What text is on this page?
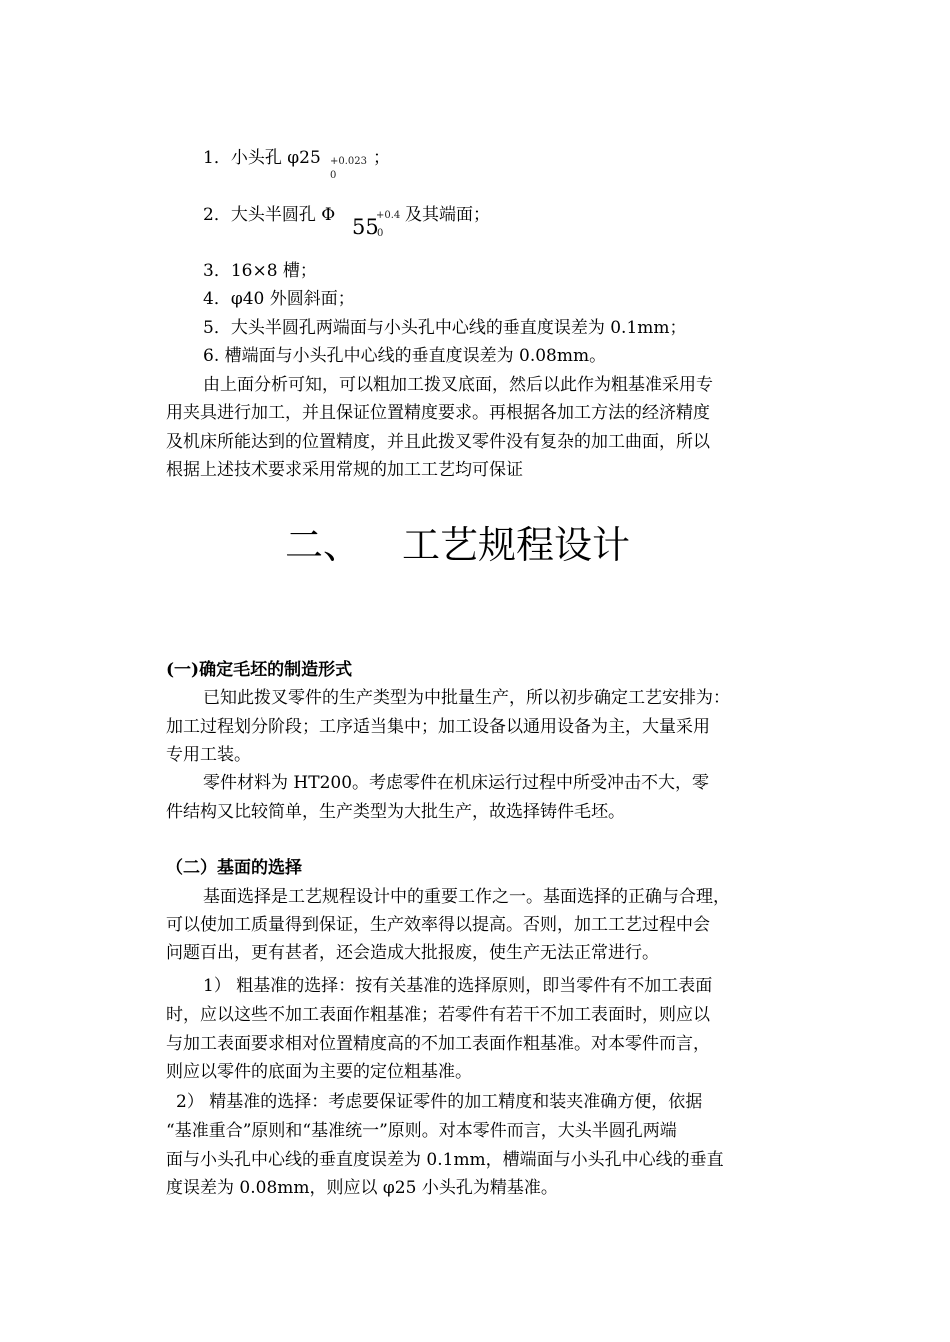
1．小头孔 φ25 +0.023 ；
0
2．大头半圆孔 Φ 55
+0.4
0
及其端面；
3．16×8 槽；
4．φ40 外圆斜面；
5．大头半圆孔两端面与小头孔中心线的垂直度误差为 0.1mm；
6. 槽端面与小头孔中心线的垂直度误差为 0.08mm。
由上面分析可知，可以粗加工拨叉底面，然后以此作为粗基准采用专
用夹具进行加工，并且保证位置精度要求。再根据各加工方法的经济精度
及机床所能达到的位置精度，并且此拨叉零件没有复杂的加工曲面，所以
根据上述技术要求采用常规的加工工艺均可保证
二、 工艺规程设计
(一)确定毛坯的制造形式
已知此拨叉零件的生产类型为中批量生产，所以初步确定工艺安排为：
加工过程划分阶段；工序适当集中；加工设备以通用设备为主，大量采用
专用工装。
零件材料为 HT200。考虑零件在机床运行过程中所受冲击不大，零
件结构又比较简单，生产类型为大批生产，故选择铸件毛坯。
（二）基面的选择
基面选择是工艺规程设计中的重要工作之一。基面选择的正确与合理，
可以使加工质量得到保证，生产效率得以提高。否则，加工工艺过程中会
问题百出，更有甚者，还会造成大批报废，使生产无法正常进行。
1） 粗基准的选择：按有关基准的选择原则，即当零件有不加工表面
时，应以这些不加工表面作粗基准；若零件有若干不加工表面时，则应以
与加工表面要求相对位置精度高的不加工表面作粗基准。对本零件而言，
则应以零件的底面为主要的定位粗基准。
2） 精基准的选择：考虑要保证零件的加工精度和装夹准确方便，依据
“基准重合”原则和“基准统一”原则。对本零件而言，大头半圆孔两端
面与小头孔中心线的垂直度误差为 0.1mm，槽端面与小头孔中心线的垂直
度误差为 0.08mm，则应以 φ25 小头孔为精基准。
